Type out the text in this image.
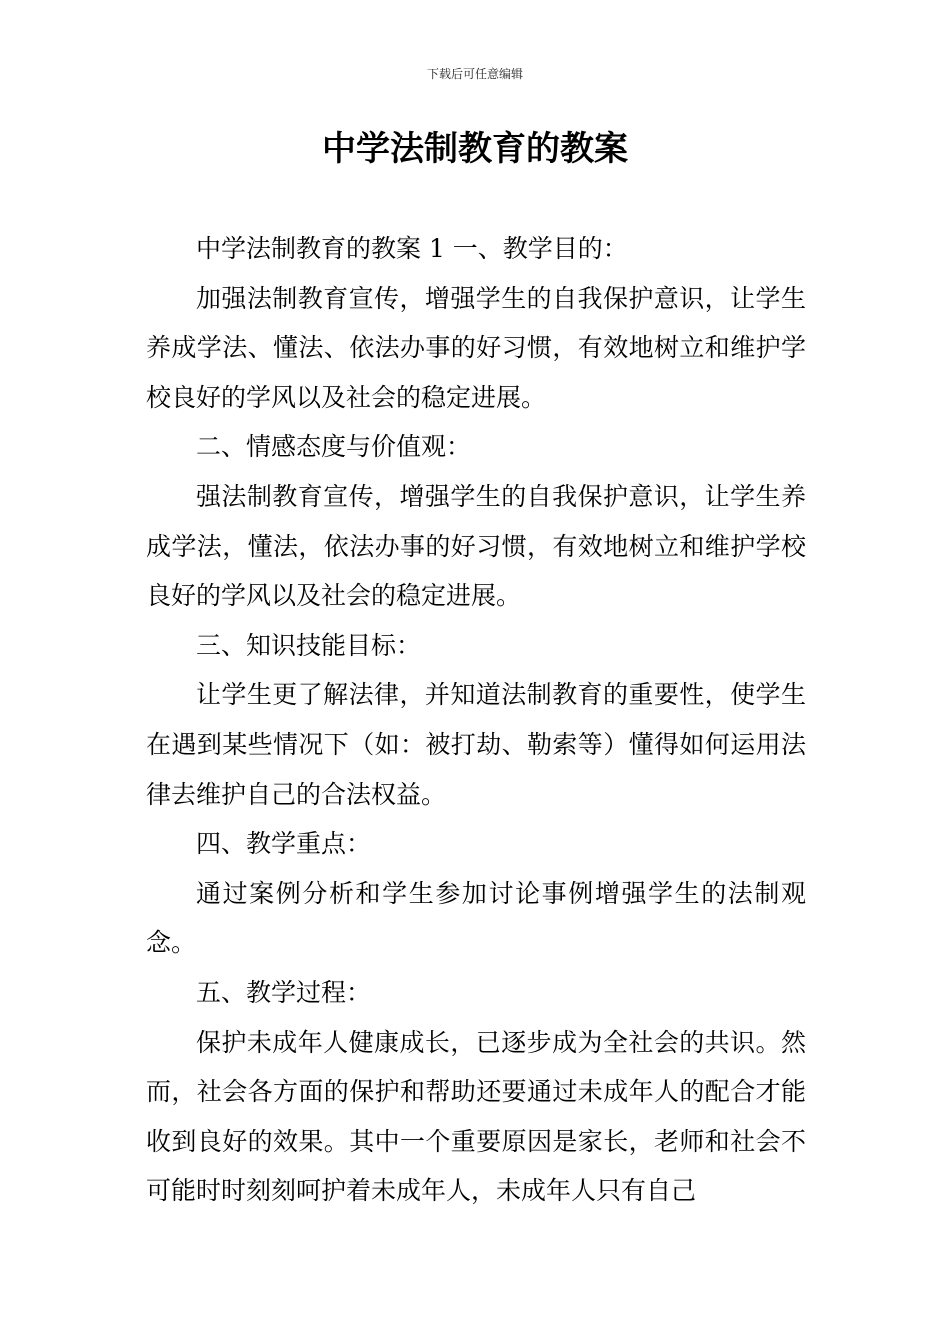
下载后可任意编辑
中学法制教育的教案

中学法制教育的教案 1 一、教学目的：

加强法制教育宣传，增强学生的自我保护意识，让学生养成学法、懂法、依法办事的好习惯，有效地树立和维护学校良好的学风以及社会的稳定进展。

二、情感态度与价值观：

强法制教育宣传，增强学生的自我保护意识，让学生养成学法，懂法，依法办事的好习惯，有效地树立和维护学校良好的学风以及社会的稳定进展。

三、知识技能目标：

让学生更了解法律，并知道法制教育的重要性，使学生在遇到某些情况下（如：被打劫、勒索等）懂得如何运用法律去维护自己的合法权益。

四、教学重点：

通过案例分析和学生参加讨论事例增强学生的法制观念。

五、教学过程：

保护未成年人健康成长，已逐步成为全社会的共识。然而，社会各方面的保护和帮助还要通过未成年人的配合才能收到良好的效果。其中一个重要原因是家长，老师和社会不可能时时刻刻呵护着未成年人，未成年人只有自己
